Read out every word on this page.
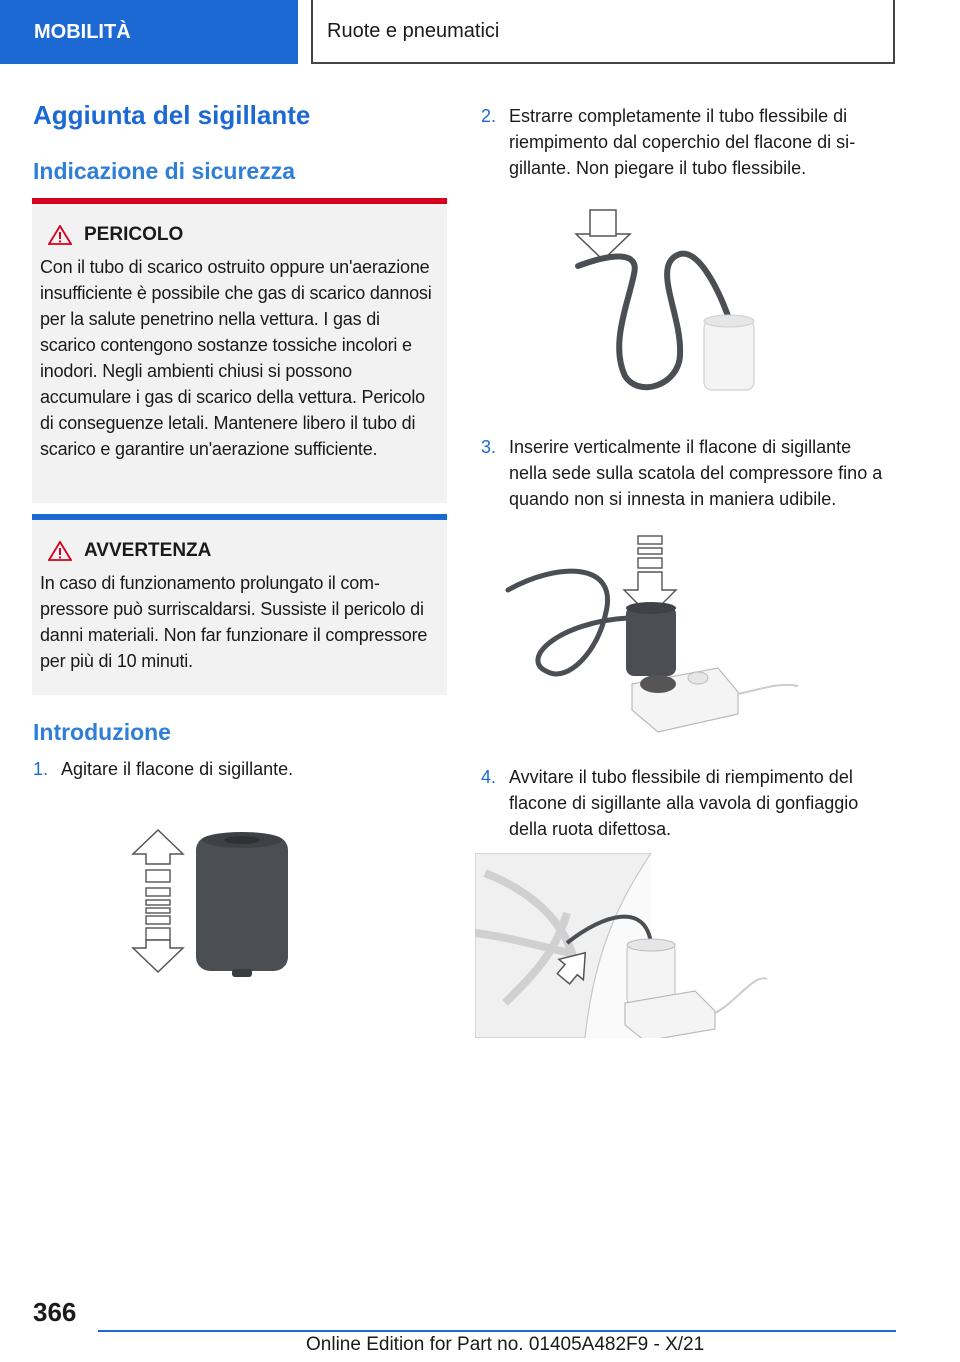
MOBILITÀ	Ruote e pneumatici
Aggiunta del sigillante
Indicazione di sicurezza
PERICOLO
Con il tubo di scarico ostruito oppure un'aerazione insufficiente è possibile che gas di scarico dannosi per la salute penetrino nella vettura. I gas di scarico contengono sostanze tossiche incolori e inodori. Negli ambienti chiusi si possono accumulare i gas di scarico della vettura. Pericolo di conseguenze letali. Mantenere libero il tubo di scarico e garantire un'aerazione sufficiente.
AVVERTENZA
In caso di funzionamento prolungato il compressore può surriscaldarsi. Sussiste il pericolo di danni materiali. Non far funzionare il compressore per più di 10 minuti.
Introduzione
1. Agitare il flacone di sigillante.
2. Estrarre completamente il tubo flessibile di riempimento dal coperchio del flacone di sigillante. Non piegare il tubo flessibile.
3. Inserire verticalmente il flacone di sigillante nella sede sulla scatola del compressore fino a quando non si innesta in maniera udibile.
4. Avvitare il tubo flessibile di riempimento del flacone di sigillante alla vavola di gonfiaggio della ruota difettosa.
366
Online Edition for Part no. 01405A482F9 - X/21
